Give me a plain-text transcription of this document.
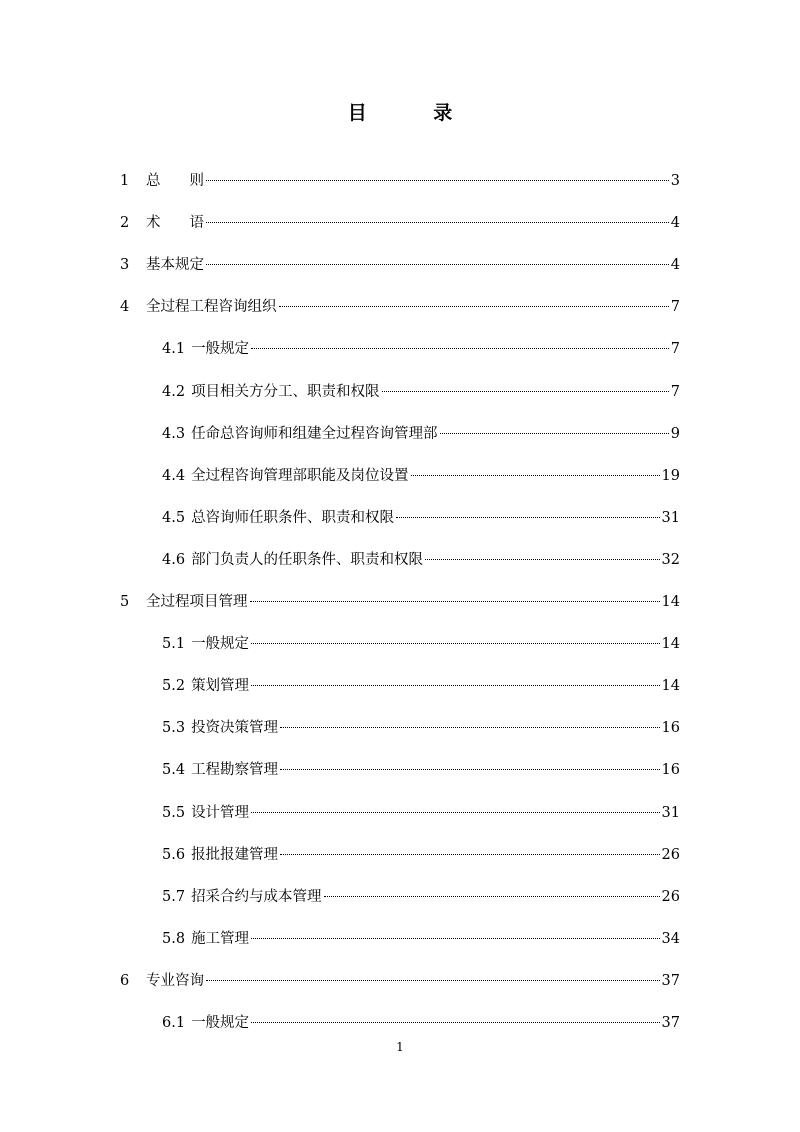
目 录
1	总　　则	3
2	术　　语	4
3	基本规定	4
4	全过程工程咨询组织	7
4.1 一般规定	7
4.2 项目相关方分工、职责和权限	7
4.3 任命总咨询师和组建全过程咨询管理部	9
4.4 全过程咨询管理部职能及岗位设置	19
4.5 总咨询师任职条件、职责和权限	31
4.6 部门负责人的任职条件、职责和权限	32
5	全过程项目管理	14
5.1 一般规定	14
5.2 策划管理	14
5.3 投资决策管理	16
5.4 工程勘察管理	16
5.5 设计管理	31
5.6 报批报建管理	26
5.7 招采合约与成本管理	26
5.8 施工管理	34
6	专业咨询	37
6.1 一般规定	37
1
